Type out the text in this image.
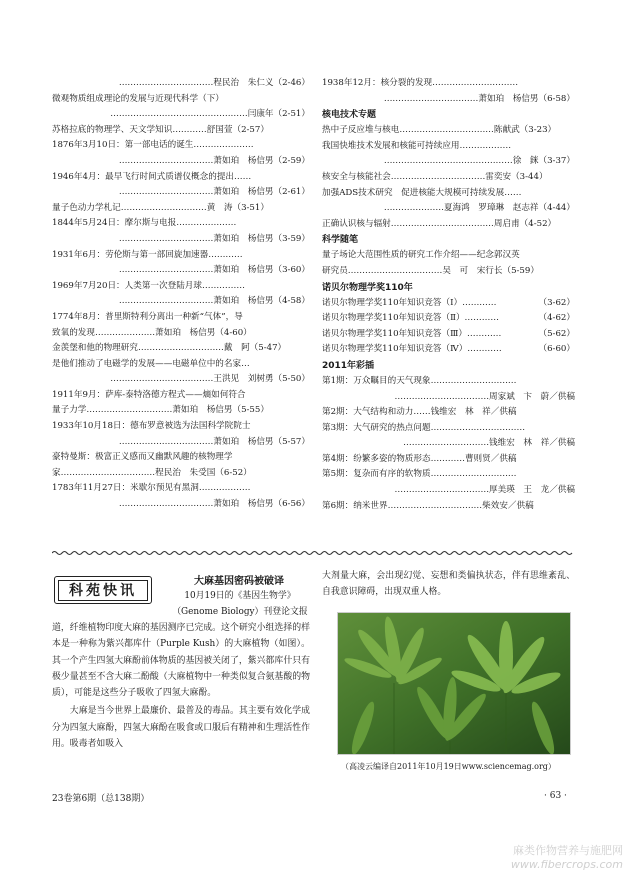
……………………………程民治　朱仁义（2-46）
微观物质组成理论的发展与近现代科学（下）
…………………………………………闫康年（2-51）
苏格拉底的物理学、天文学知识…………舒国萱（2-57）
1876年3月10日：第一部电话的诞生…………………
……………………………萧如珀　杨信男（2-59）
1946年4月：最早飞行时间式质谱仪概念的提出……
……………………………萧如珀　杨信男（2-61）
量子色动力学札记…………………………黄　涛（3-51）
1844年5月24日：摩尔斯与电报…………………
……………………………萧如珀　杨信男（3-59）
1931年6月：劳伦斯与第一部回旋加速器…………
……………………………萧如珀　杨信男（3-60）
1969年7月20日：人类第一次登陆月球……………
……………………………萧如珀　杨信男（4-58）
1774年8月：普里斯特利分离出一种新“气体”，导
致氧的发现…………………萧如珀　杨信男（4-60）
金羡堡和他的物理研究…………………………戴　阿（5-47）
是他们推动了电磁学的发展——电磁单位中的名家…
………………………………王洪见　刘树勇（5-50）
1911年9月：萨库-泰特洛德方程式——熵如何符合
量子力学…………………………萧如珀　杨信男（5-55）
1933年10月18日：德布罗意被选为法国科学院院士
……………………………萧如珀　杨信男（5-57）
豪特曼斯：极富正义感而又幽默风趣的核物理学
家……………………………程民治　朱受国（6-52）
1783年11月27日：米歇尔预见有黑洞………………
……………………………萧如珀　杨信男（6-56）
1938年12月：核分裂的发现…………………………
……………………………萧如珀　杨信男（6-58）
核电技术专题
热中子反应堆与核电……………………………陈献武（3-23）
我国快堆技术发展和核能可持续应用………………
………………………………………徐　銤（3-37）
核安全与核能社会……………………………雷奕安（3-44）
加强ADS技术研究　促进核能大规模可持续发展……
…………………夏海鸿　罗璋琳　赵志祥（4-44）
正确认识核与辐射………………………………周启甫（4-52）
科学随笔
量子场论大范围性质的研究工作介绍——纪念郭汉英
研究员……………………………吴　可　宋行长（5-59）
诺贝尔物理学奖110年
诺贝尔物理学奖110年知识竞答（Ⅰ）…………	（3-62）
诺贝尔物理学奖110年知识竞答（Ⅱ）…………	（4-62）
诺贝尔物理学奖110年知识竞答（Ⅲ）…………	（5-62）
诺贝尔物理学奖110年知识竞答（Ⅳ）…………	（6-60）
2011年彩插
第1期：万众瞩目的天气现象…………………………
……………………………周家斌　卞　蔚／供稿
第2期：大气结构和动力……钱维宏　林　祥／供稿
第3期：大气研究的热点问题……………………………
…………………………钱维宏　林　祥／供稿
第4期：纷繁多姿的物质形态…………曹则贤／供稿
第5期：复杂而有序的软物质…………………………
……………………………厚美瑛　王　龙／供稿
第6期：纳米世界……………………………柴效安／供稿
科苑快讯
大麻基因密码被破译

10月19日的《基因生物学》

（Genome Biology）刊登论文报

道，纤维植物印度大麻的基因测序已完成。这个研究小组选择的样本是一种称为紫兴都库什（Purple Kush）的大麻植物（如图）。其一个产生四氢大麻酚前体物质的基因被关闭了，紫兴都库什只有极少量甚至不含大麻二酚酸（大麻植物中一种类似复合氨基酸的物质），可能是这些分子吸收了四氢大麻酚。

大麻是当今世界上最廉价、最普及的毒品。其主要有效化学成分为四氢大麻酚，四氢大麻酚在吸食或口服后有精神和生理活性作用。吸毒者如吸入

大剂量大麻，会出现幻觉、妄想和类偏执状态，伴有思维紊乱、自我意识障碍，出现双重人格。

（高凌云编译自2011年10月19日www.sciencemag.org）
23卷第6期（总138期）	· 63 ·
麻类作物营养与施肥网
www.fibercrops.com
